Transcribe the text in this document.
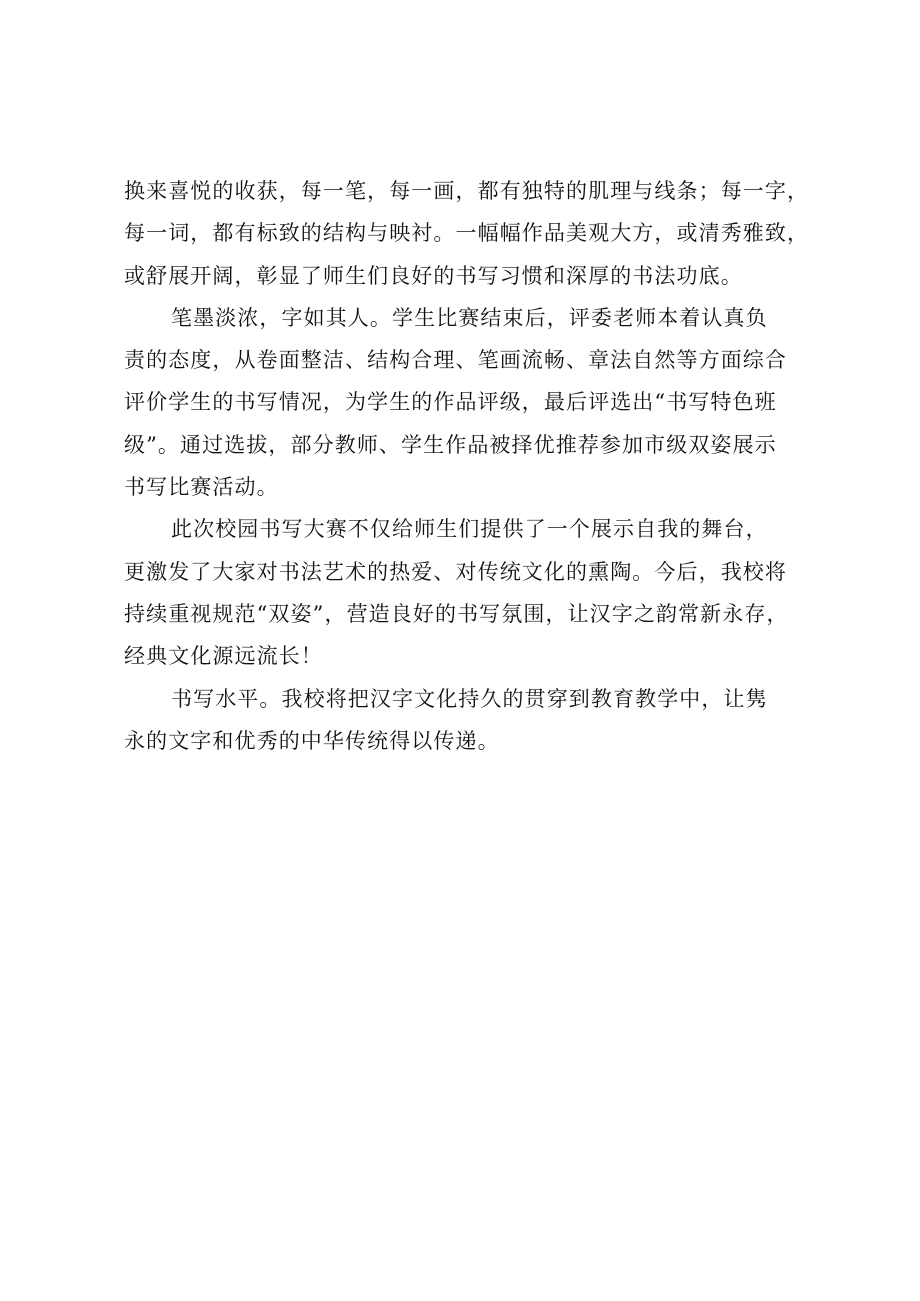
换来喜悦的收获，每一笔，每一画，都有独特的肌理与线条；每一字，
每一词，都有标致的结构与映衬。一幅幅作品美观大方，或清秀雅致，
或舒展开阔，彰显了师生们良好的书写习惯和深厚的书法功底。
笔墨淡浓，字如其人。学生比赛结束后，评委老师本着认真负
责的态度，从卷面整洁、结构合理、笔画流畅、章法自然等方面综合
评价学生的书写情况，为学生的作品评级，最后评选出“书写特色班
级”。通过选拔，部分教师、学生作品被择优推荐参加市级双姿展示
书写比赛活动。
此次校园书写大赛不仅给师生们提供了一个展示自我的舞台，
更激发了大家对书法艺术的热爱、对传统文化的熏陶。今后，我校将
持续重视规范“双姿”，营造良好的书写氛围，让汉字之韵常新永存，
经典文化源远流长！
书写水平。我校将把汉字文化持久的贯穿到教育教学中，让隽
永的文字和优秀的中华传统得以传递。
